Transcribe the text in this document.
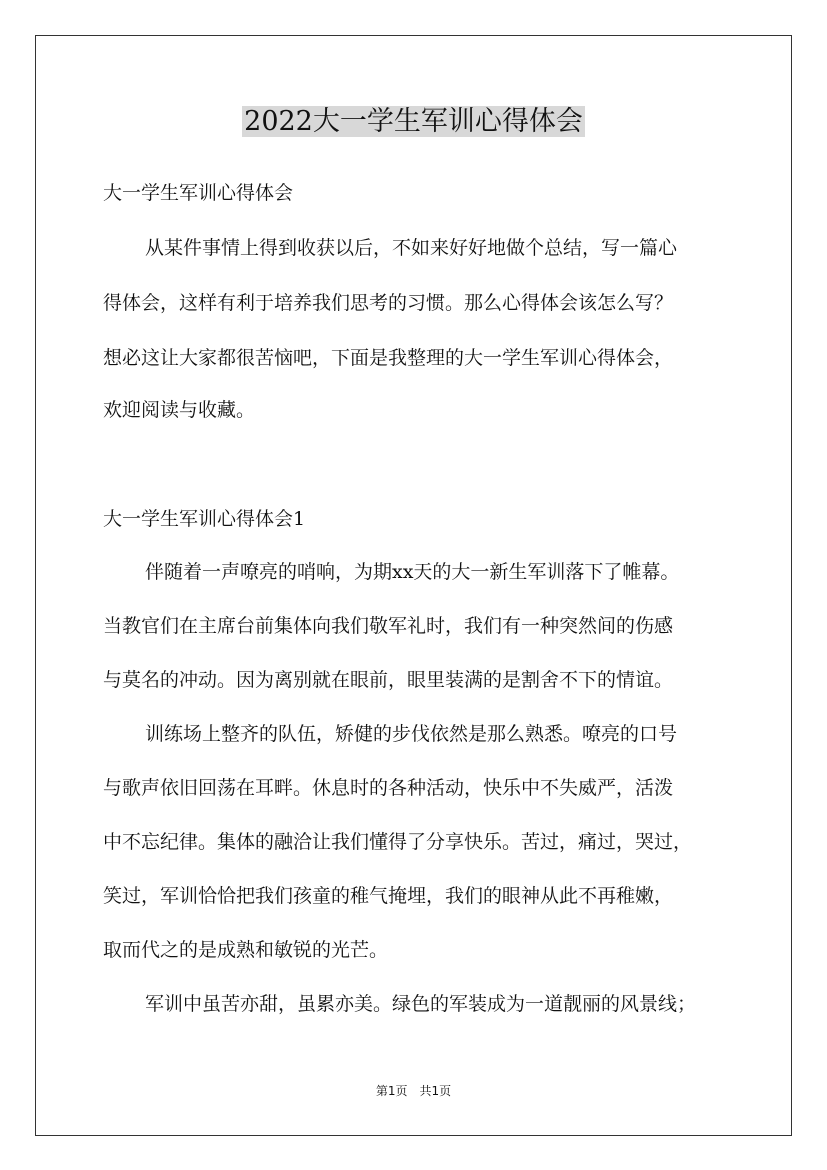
2022大一学生军训心得体会
大一学生军训心得体会
从某件事情上得到收获以后，不如来好好地做个总结，写一篇心
得体会，这样有利于培养我们思考的习惯。那么心得体会该怎么写？
想必这让大家都很苦恼吧，下面是我整理的大一学生军训心得体会，
欢迎阅读与收藏。
大一学生军训心得体会1
伴随着一声嘹亮的哨响，为期xx天的大一新生军训落下了帷幕。
当教官们在主席台前集体向我们敬军礼时，我们有一种突然间的伤感
与莫名的冲动。因为离别就在眼前，眼里装满的是割舍不下的情谊。
训练场上整齐的队伍，矫健的步伐依然是那么熟悉。嘹亮的口号
与歌声依旧回荡在耳畔。休息时的各种活动，快乐中不失威严，活泼
中不忘纪律。集体的融洽让我们懂得了分享快乐。苦过，痛过，哭过，
笑过，军训恰恰把我们孩童的稚气掩埋，我们的眼神从此不再稚嫩，
取而代之的是成熟和敏锐的光芒。
军训中虽苦亦甜，虽累亦美。绿色的军装成为一道靓丽的风景线；
第1页 共1页
